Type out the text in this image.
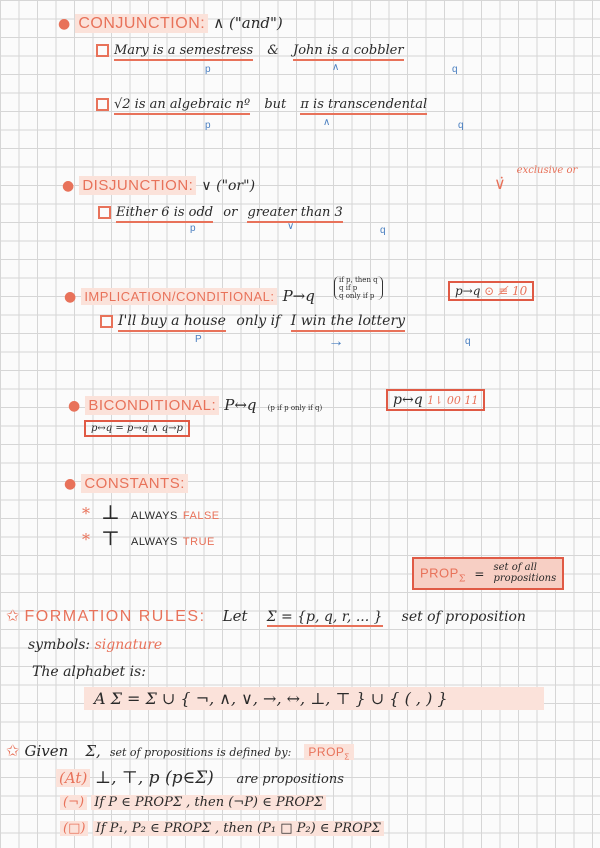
● CONJUNCTION: ∧ ("and")
Mary is a semestress & John is a cobbler
p	∧	q
√2 is an algebraic nº but π is transcendental
p	∧	q
● DISJUNCTION: ∨ ("or")	∨̇
exclusive or
Either 6 is odd or greater than 3
p	∨	q
● IMPLICATION/CONDITIONAL: P→q
if p, then q
q if p
q only if p	p→q ⊙ ≢ 10
I'll buy a house only if I win the lottery
P	→	q
● BICONDITIONAL: P↔q (p if p only if q)	p↔q 1⇂ 00 11
p↔q = p→q ∧ q→p
● CONSTANTS:
* ⊥ ALWAYS FALSE
* ⊤ ALWAYS TRUE
$PROP_\Sigma$ = set of all
propositions
✩ FORMATION RULES: Let Σ = {p, q, r, ... } set of proposition
symbols: signature
The alphabet is:
A Σ = Σ ∪ { ¬, ∧, ∨, →, ↔, ⊥, ⊤ } ∪ { ( , ) }
✩ Given Σ, set of propositions is defined by: $PROP_\Sigma$
(At) ⊥, ⊤, p (p∈Σ) are propositions
(¬) If P ∈ PROPΣ , then (¬P) ∈ PROPΣ
(□) If P₁, P₂ ∈ PROPΣ , then (P₁ □ P₂) ∈ PROPΣ
